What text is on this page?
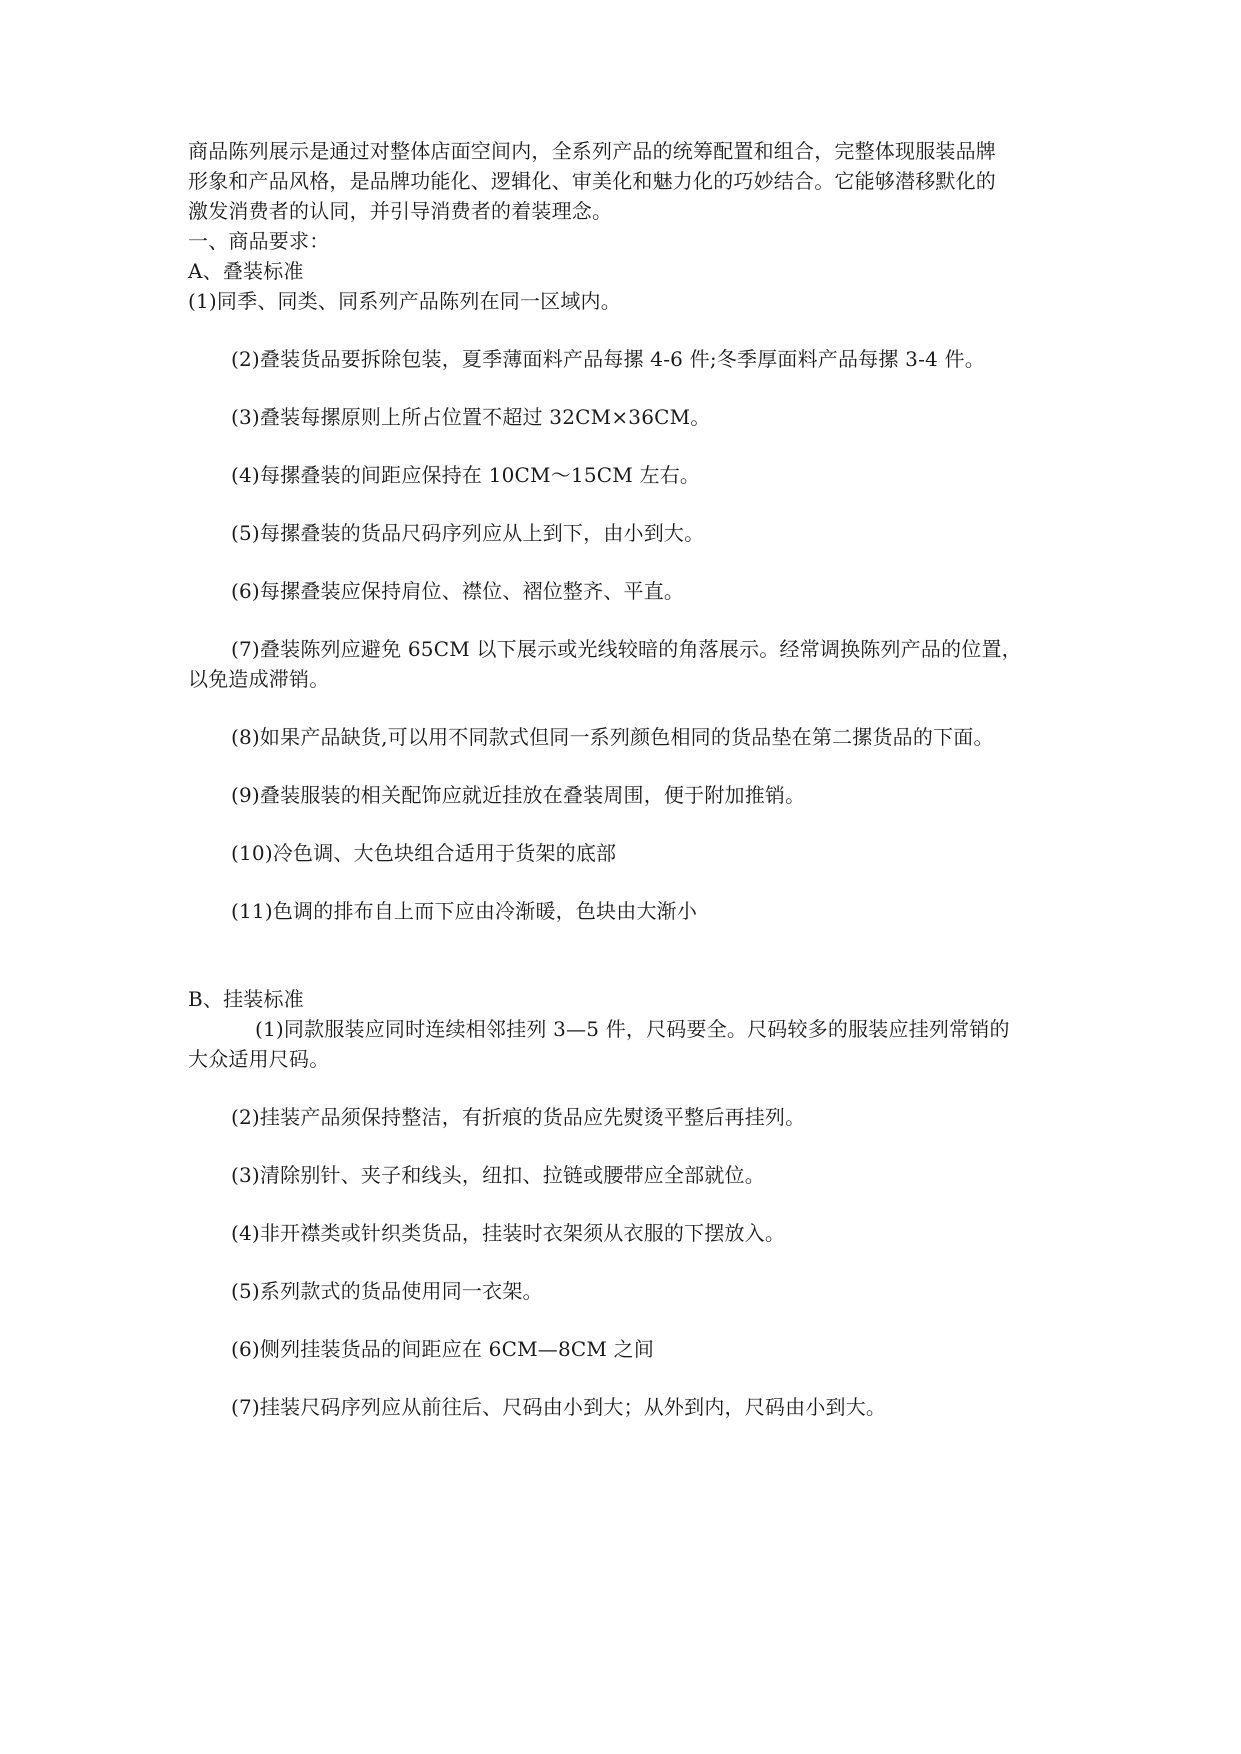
商品陈列展示是通过对整体店面空间内，全系列产品的统筹配置和组合，完整体现服装品牌
形象和产品风格，是品牌功能化、逻辑化、审美化和魅力化的巧妙结合。它能够潜移默化的
激发消费者的认同，并引导消费者的着装理念。
一、商品要求：
A、叠装标准
(1)同季、同类、同系列产品陈列在同一区域内。
(2)叠装货品要拆除包装，夏季薄面料产品每摞 4-6 件;冬季厚面料产品每摞 3-4 件。
(3)叠装每摞原则上所占位置不超过 32CM×36CM。
(4)每摞叠装的间距应保持在 10CM～15CM 左右。
(5)每摞叠装的货品尺码序列应从上到下，由小到大。
(6)每摞叠装应保持肩位、襟位、褶位整齐、平直。
(7)叠装陈列应避免 65CM 以下展示或光线较暗的角落展示。经常调换陈列产品的位置，
以免造成滞销。
(8)如果产品缺货,可以用不同款式但同一系列颜色相同的货品垫在第二摞货品的下面。
(9)叠装服装的相关配饰应就近挂放在叠装周围，便于附加推销。
(10)冷色调、大色块组合适用于货架的底部
(11)色调的排布自上而下应由冷渐暖，色块由大渐小
B、挂装标准
(1)同款服装应同时连续相邻挂列 3—5 件，尺码要全。尺码较多的服装应挂列常销的
大众适用尺码。
(2)挂装产品须保持整洁，有折痕的货品应先熨烫平整后再挂列。
(3)清除别针、夹子和线头，纽扣、拉链或腰带应全部就位。
(4)非开襟类或针织类货品，挂装时衣架须从衣服的下摆放入。
(5)系列款式的货品使用同一衣架。
(6)侧列挂装货品的间距应在 6CM—8CM 之间
(7)挂装尺码序列应从前往后、尺码由小到大；从外到内，尺码由小到大。
